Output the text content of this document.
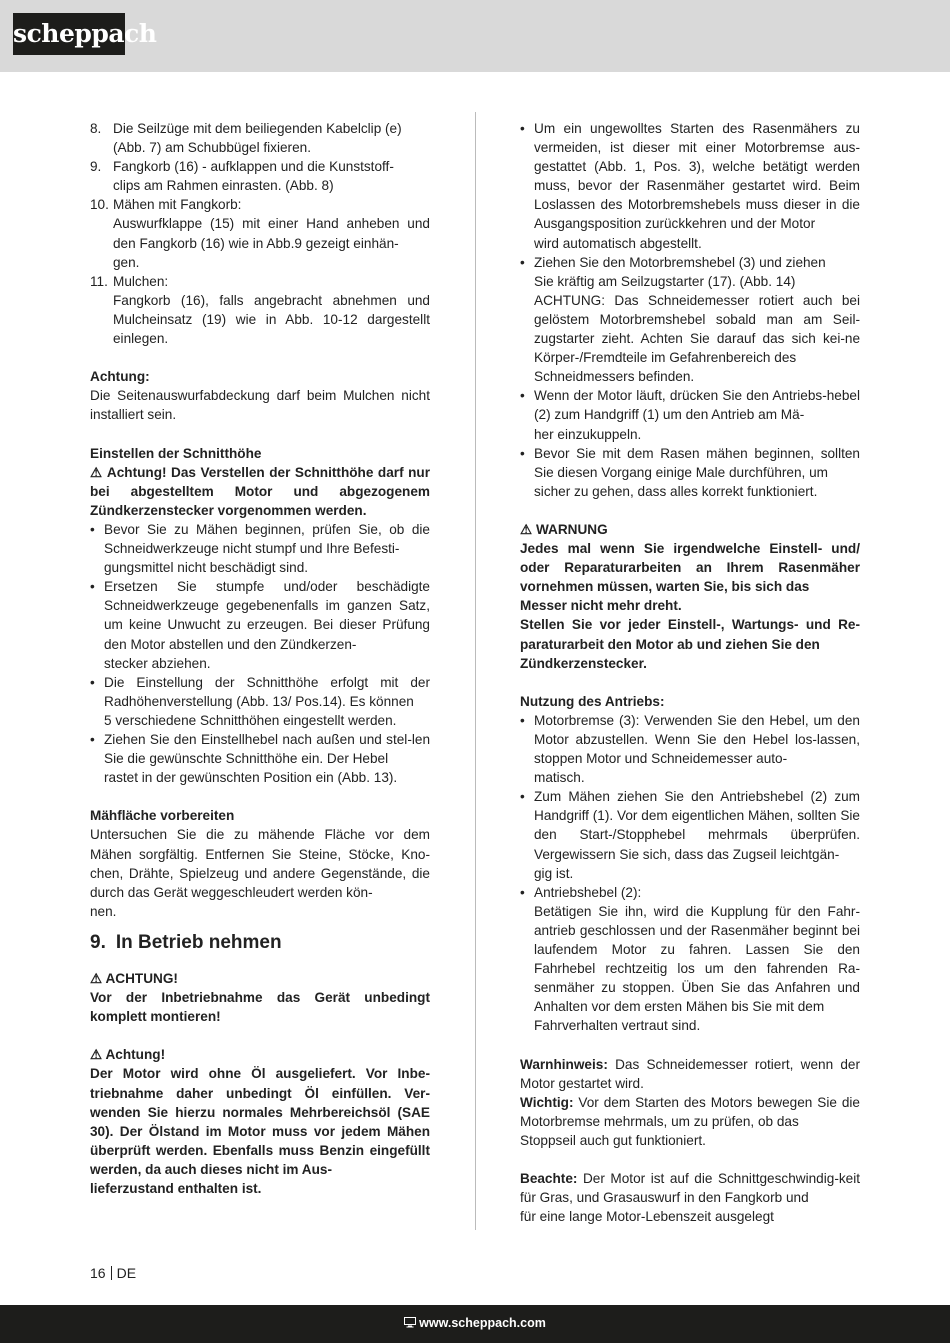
scheppach
8. Die Seilzüge mit dem beiliegenden Kabelclip (e)

(Abb. 7) am Schubbügel fixieren.

9. Fangkorb (16) - aufklappen und die Kunststoff-

clips am Rahmen einrasten. (Abb. 8)

10. Mähen mit Fangkorb:

Auswurfklappe (15) mit einer Hand anheben und den Fangkorb (16) wie in Abb.9 gezeigt einhän-

gen.

11. Mulchen:

Fangkorb (16), falls angebracht abnehmen und Mulcheinsatz (19) wie in Abb. 10-12 dargestellt einlegen.

Achtung:

Die Seitenauswurfabdeckung darf beim Mulchen nicht installiert sein.

Einstellen der Schnitthöhe

⚠ Achtung! Das Verstellen der Schnitthöhe darf nur bei abgestelltem Motor und abgezogenem Zündkerzenstecker vorgenommen werden.

• Bevor Sie zu Mähen beginnen, prüfen Sie, ob die Schneidwerkzeuge nicht stumpf und Ihre Befesti-

gungsmittel nicht beschädigt sind.

• Ersetzen Sie stumpfe und/oder beschädigte Schneidwerkzeuge gegebenenfalls im ganzen Satz, um keine Unwucht zu erzeugen. Bei dieser Prüfung den Motor abstellen und den Zündkerzen-

stecker abziehen.

• Die Einstellung der Schnitthöhe erfolgt mit der Radhöhenverstellung (Abb. 13/ Pos.14). Es können

5 verschiedene Schnitthöhen eingestellt werden.

• Ziehen Sie den Einstellhebel nach außen und stel-len Sie die gewünschte Schnitthöhe ein. Der Hebel

rastet in der gewünschten Position ein (Abb. 13).

Mähfläche vorbereiten

Untersuchen Sie die zu mähende Fläche vor dem Mähen sorgfältig. Entfernen Sie Steine, Stöcke, Kno-chen, Drähte, Spielzeug und andere Gegenstände, die durch das Gerät weggeschleudert werden kön-

nen.

9. In Betrieb nehmen

⚠ ACHTUNG!

Vor der Inbetriebnahme das Gerät unbedingt komplett montieren!

⚠ Achtung!

Der Motor wird ohne Öl ausgeliefert. Vor Inbe-triebnahme daher unbedingt Öl einfüllen. Ver-wenden Sie hierzu normales Mehrbereichsöl (SAE 30). Der Ölstand im Motor muss vor jedem Mähen überprüft werden. Ebenfalls muss Benzin eingefüllt werden, da auch dieses nicht im Aus-

lieferzustand enthalten ist.

• Um ein ungewolltes Starten des Rasenmähers zu vermeiden, ist dieser mit einer Motorbremse aus-gestattet (Abb. 1, Pos. 3), welche betätigt werden muss, bevor der Rasenmäher gestartet wird. Beim Loslassen des Motorbremshebels muss dieser in die Ausgangsposition zurückkehren und der Motor

wird automatisch abgestellt.

• Ziehen Sie den Motorbremshebel (3) und ziehen

Sie kräftig am Seilzugstarter (17). (Abb. 14)

ACHTUNG: Das Schneidemesser rotiert auch bei gelöstem Motorbremshebel sobald man am Seil-zugstarter zieht. Achten Sie darauf das sich kei-ne Körper-/Fremdteile im Gefahrenbereich des

Schneidmessers befinden.

• Wenn der Motor läuft, drücken Sie den Antriebs-hebel (2) zum Handgriff (1) um den Antrieb am Mä-

her einzukuppeln.

• Bevor Sie mit dem Rasen mähen beginnen, sollten Sie diesen Vorgang einige Male durchführen, um

sicher zu gehen, dass alles korrekt funktioniert.

⚠ WARNUNG

Jedes mal wenn Sie irgendwelche Einstell- und/ oder Reparaturarbeiten an Ihrem Rasenmäher vornehmen müssen, warten Sie, bis sich das

Messer nicht mehr dreht.

Stellen Sie vor jeder Einstell-, Wartungs- und Re-paraturarbeit den Motor ab und ziehen Sie den

Zündkerzenstecker.

Nutzung des Antriebs:

• Motorbremse (3): Verwenden Sie den Hebel, um den Motor abzustellen. Wenn Sie den Hebel los-lassen, stoppen Motor und Schneidemesser auto-

matisch.

• Zum Mähen ziehen Sie den Antriebshebel (2) zum Handgriff (1). Vor dem eigentlichen Mähen, sollten Sie den Start-/Stopphebel mehrmals überprüfen. Vergewissern Sie sich, dass das Zugseil leichtgän-

gig ist.

• Antriebshebel (2):

Betätigen Sie ihn, wird die Kupplung für den Fahr-antrieb geschlossen und der Rasenmäher beginnt bei laufendem Motor zu fahren. Lassen Sie den Fahrhebel rechtzeitig los um den fahrenden Ra-senmäher zu stoppen. Üben Sie das Anfahren und Anhalten vor dem ersten Mähen bis Sie mit dem

Fahrverhalten vertraut sind.

Warnhinweis: Das Schneidemesser rotiert, wenn der Motor gestartet wird.

Wichtig: Vor dem Starten des Motors bewegen Sie die Motorbremse mehrmals, um zu prüfen, ob das

Stoppseil auch gut funktioniert.

Beachte: Der Motor ist auf die Schnittgeschwindig-keit für Gras, und Grasauswurf in den Fangkorb und

für eine lange Motor-Lebenszeit ausgelegt

16 DE
www.scheppach.com
